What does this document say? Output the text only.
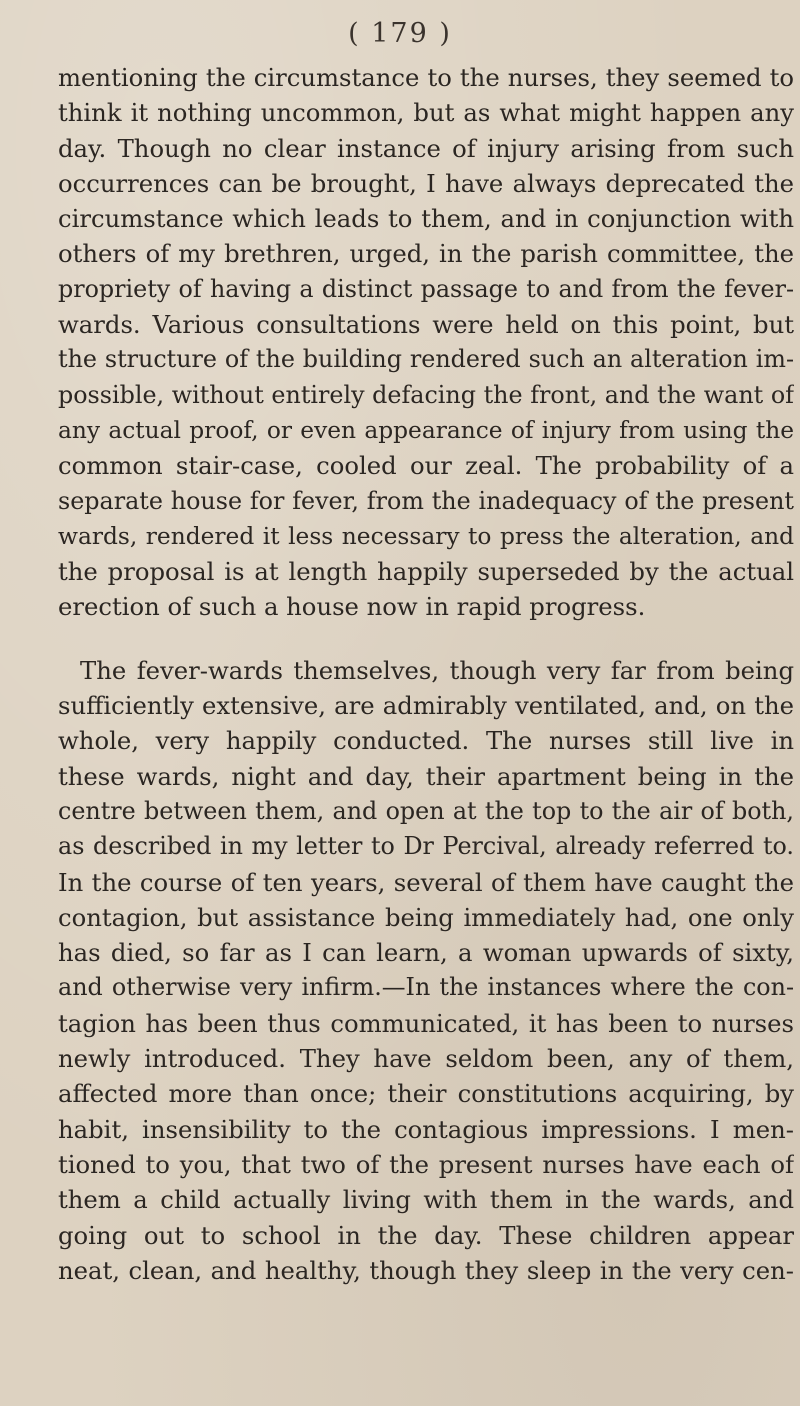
( 179 )
mentioning the circumstance to the nurses, they seemed to
think it nothing uncommon, but as what might happen any
day. Though no clear instance of injury arising from such
occurrences can be brought, I have always deprecated the
circumstance which leads to them, and in conjunction with
others of my brethren, urged, in the parish committee, the
propriety of having a distinct passage to and from the fever-
wards. Various consultations were held on this point, but
the structure of the building rendered such an alteration im-
possible, without entirely defacing the front, and the want of
any actual proof, or even appearance of injury from using the
common stair-case, cooled our zeal. The probability of a
separate house for fever, from the inadequacy of the present
wards, rendered it less necessary to press the alteration, and
the proposal is at length happily superseded by the actual
erection of such a house now in rapid progress.
The fever-wards themselves, though very far from being
sufficiently extensive, are admirably ventilated, and, on the
whole, very happily conducted. The nurses still live in
these wards, night and day, their apartment being in the
centre between them, and open at the top to the air of both,
as described in my letter to Dr Percival, already referred to.
In the course of ten years, several of them have caught the
contagion, but assistance being immediately had, one only
has died, so far as I can learn, a woman upwards of sixty,
and otherwise very infirm.—In the instances where the con-
tagion has been thus communicated, it has been to nurses
newly introduced. They have seldom been, any of them,
affected more than once; their constitutions acquiring, by
habit, insensibility to the contagious impressions. I men-
tioned to you, that two of the present nurses have each of
them a child actually living with them in the wards, and
going out to school in the day. These children appear
neat, clean, and healthy, though they sleep in the very cen-
